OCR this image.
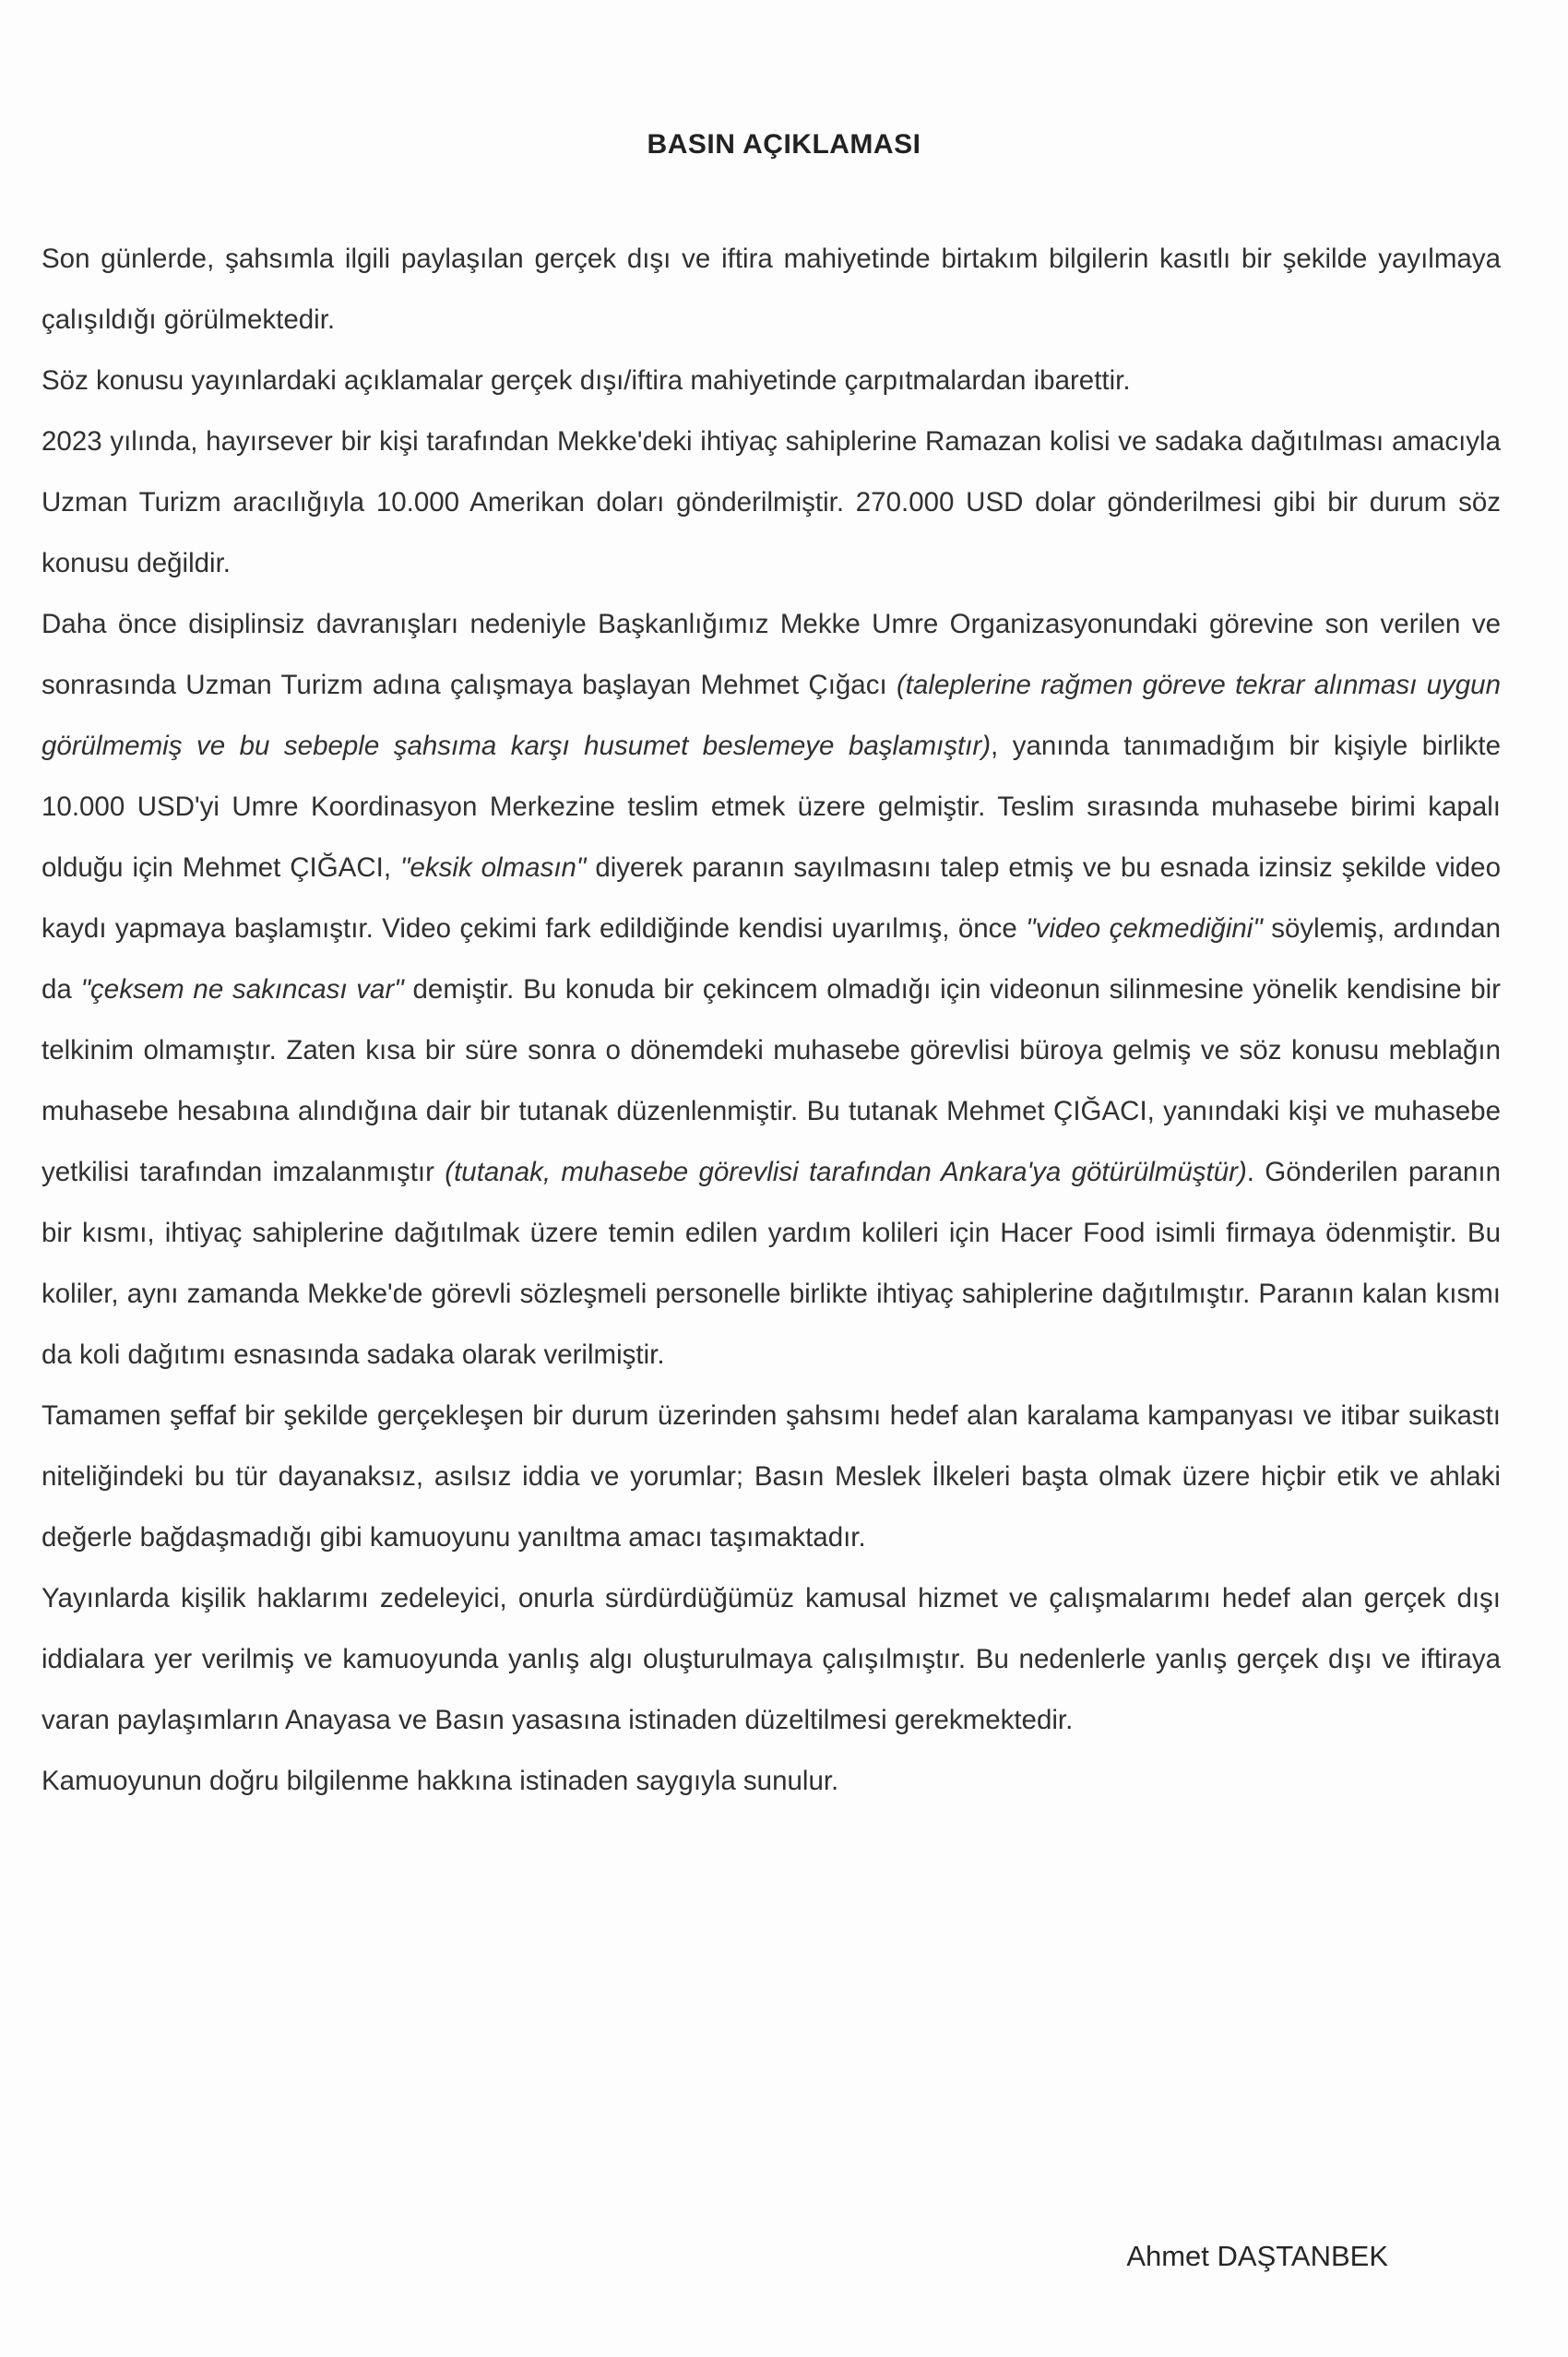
BASIN AÇIKLAMASI

Son günlerde, şahsımla ilgili paylaşılan gerçek dışı ve iftira mahiyetinde birtakım bilgilerin kasıtlı bir şekilde yayılmaya çalışıldığı görülmektedir.

Söz konusu yayınlardaki açıklamalar gerçek dışı/iftira mahiyetinde çarpıtmalardan ibarettir.

2023 yılında, hayırsever bir kişi tarafından Mekke'deki ihtiyaç sahiplerine Ramazan kolisi ve sadaka dağıtılması amacıyla Uzman Turizm aracılığıyla 10.000 Amerikan doları gönderilmiştir. 270.000 USD dolar gönderilmesi gibi bir durum söz konusu değildir.

Daha önce disiplinsiz davranışları nedeniyle Başkanlığımız Mekke Umre Organizasyonundaki görevine son verilen ve sonrasında Uzman Turizm adına çalışmaya başlayan Mehmet Çığacı (taleplerine rağmen göreve tekrar alınması uygun görülmemiş ve bu sebeple şahsıma karşı husumet beslemeye başlamıştır), yanında tanımadığım bir kişiyle birlikte 10.000 USD'yi Umre Koordinasyon Merkezine teslim etmek üzere gelmiştir. Teslim sırasında muhasebe birimi kapalı olduğu için Mehmet ÇIĞACI, "eksik olmasın" diyerek paranın sayılmasını talep etmiş ve bu esnada izinsiz şekilde video kaydı yapmaya başlamıştır. Video çekimi fark edildiğinde kendisi uyarılmış, önce "video çekmediğini" söylemiş, ardından da "çeksem ne sakıncası var" demiştir. Bu konuda bir çekincem olmadığı için videonun silinmesine yönelik kendisine bir telkinim olmamıştır. Zaten kısa bir süre sonra o dönemdeki muhasebe görevlisi büroya gelmiş ve söz konusu meblağın muhasebe hesabına alındığına dair bir tutanak düzenlenmiştir. Bu tutanak Mehmet ÇIĞACI, yanındaki kişi ve muhasebe yetkilisi tarafından imzalanmıştır (tutanak, muhasebe görevlisi tarafından Ankara'ya götürülmüştür). Gönderilen paranın bir kısmı, ihtiyaç sahiplerine dağıtılmak üzere temin edilen yardım kolileri için Hacer Food isimli firmaya ödenmiştir. Bu koliler, aynı zamanda Mekke'de görevli sözleşmeli personelle birlikte ihtiyaç sahiplerine dağıtılmıştır. Paranın kalan kısmı da koli dağıtımı esnasında sadaka olarak verilmiştir.

Tamamen şeffaf bir şekilde gerçekleşen bir durum üzerinden şahsımı hedef alan karalama kampanyası ve itibar suikastı niteliğindeki bu tür dayanaksız, asılsız iddia ve yorumlar; Basın Meslek İlkeleri başta olmak üzere hiçbir etik ve ahlaki değerle bağdaşmadığı gibi kamuoyunu yanıltma amacı taşımaktadır.

Yayınlarda kişilik haklarımı zedeleyici, onurla sürdürdüğümüz kamusal hizmet ve çalışmalarımı hedef alan gerçek dışı iddialara yer verilmiş ve kamuoyunda yanlış algı oluşturulmaya çalışılmıştır. Bu nedenlerle yanlış gerçek dışı ve iftiraya varan paylaşımların Anayasa ve Basın yasasına istinaden düzeltilmesi gerekmektedir.

Kamuoyunun doğru bilgilenme hakkına istinaden saygıyla sunulur.

Ahmet DAŞTANBEK
